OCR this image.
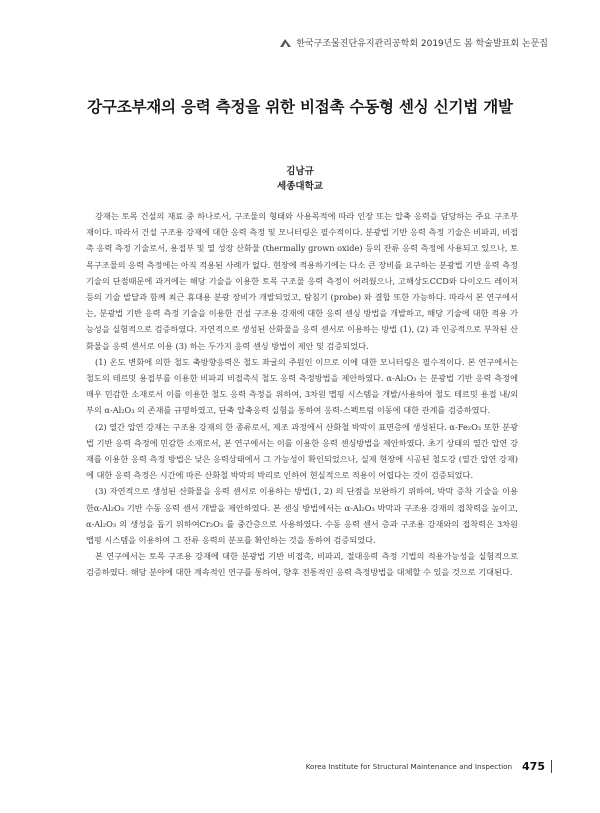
한국구조물진단유지관리공학회 2019년도 봄 학술발표회 논문집
강구조부재의 응력 측정을 위한 비접촉 수동형 센싱 신기법 개발
김남규
세종대학교

강재는 토목 건설의 재료 중 하나로서, 구조물의 형태와 사용목적에 따라 인장 또는 압축 응력을 담당하는 주요 구조부재이다. 따라서 건설 구조용 강재에 대한 응력 측정 및 모니터링은 필수적이다. 분광법 기반 응력 측정 기술은 비파괴, 비접촉 응력 측정 기술로서, 용접부 및 열 성장 산화물 (thermally grown oxide) 등의 잔류 응력 측정에 사용되고 있으나, 토목구조물의 응력 측정에는 아직 적용된 사례가 없다. 현장에 적용하기에는 다소 큰 장비를 요구하는 분광법 기반 응력 측정 기술의 단점때문에 과거에는 해당 기술을 이용한 토목 구조물 응력 측정이 어려웠으나, 고해상도CCD와 다이오드 레이저 등의 기술 발달과 함께 최근 휴대용 분광 장비가 개발되었고, 탐침기 (probe) 와 결합 또한 가능하다. 따라서 본 연구에서는, 분광법 기반 응력 측정 기술을 이용한 건설 구조용 강재에 대한 응력 센싱 방법을 개발하고, 해당 기술에 대한 적용 가능성을 실험적으로 검증하였다. 자연적으로 생성된 산화물을 응력 센서로 이용하는 방법 (1), (2) 과 인공적으로 부착된 산화물을 응력 센서로 이용 (3) 하는 두가지 응력 센싱 방법이 제안 및 검증되었다.

(1) 온도 변화에 의한 철도 축방향응력은 철도 좌굴의 주원인 이므로 이에 대한 모니터링은 필수적이다. 본 연구에서는 철도의 테르밋 용접부를 이용한 비파괴 비접촉식 철도 응력 측정방법을 제안하였다. α-Al₂O₃ 는 분광법 기반 응력 측정에 매우 민감한 소재로서 이를 이용한 철도 응력 측정을 위하여, 3차원 맵핑 시스템을 개발/사용하여 철도 테르밋 용접 내/외부의 α-Al₂O₃ 의 존재를 규명하였고, 단축 압축응력 실험을 통하여 응력-스펙트럼 이동에 대한 관계를 검증하였다.

(2) 열간 압연 강재는 구조용 강재의 한 종류로서, 제조 과정에서 산화철 박막이 표면층에 생성된다. α-Fe₂O₃ 또한 분광법 기반 응력 측정에 민감한 소재로서, 본 연구에서는 이를 이용한 응력 센싱방법을 제안하였다. 초기 상태의 열간 압연 강재를 이용한 응력 측정 방법은 낮은 응력상태에서 그 가능성이 확인되었으나, 실제 현장에 시공된 철도강 (열간 압연 강재) 에 대한 응력 측정은 시간에 따른 산화철 박막의 박리로 인하여 현실적으로 적용이 어렵다는 것이 검증되었다.

(3) 자연적으로 생성된 산화물을 응력 센서로 이용하는 방법(1, 2) 의 단점을 보완하기 위하여, 박막 증착 기술을 이용한α-Al₂O₃ 기반 수동 응력 센서 개발을 제안하였다. 본 센싱 방법에서는 α-Al₂O₃ 박막과 구조용 강재의 접착력을 높이고, α-Al₂O₃ 의 생성을 돕기 위하여Cr₂O₃ 를 중간층으로 사용하였다. 수동 응력 센서 층과 구조용 강재와의 접착력은 3차원 맵핑 시스템을 이용하여 그 잔류 응력의 분포를 확인하는 것을 통하여 검증되었다.

본 연구에서는 토목 구조용 강재에 대한 분광법 기반 비접촉, 비파괴, 절대응력 측정 기법의 적용가능성을 실험적으로 검증하였다. 해당 분야에 대한 계속적인 연구를 통하여, 향후 전통적인 응력 측정방법을 대체할 수 있을 것으로 기대된다.

Korea Institute for Structural Maintenance and Inspection 475
